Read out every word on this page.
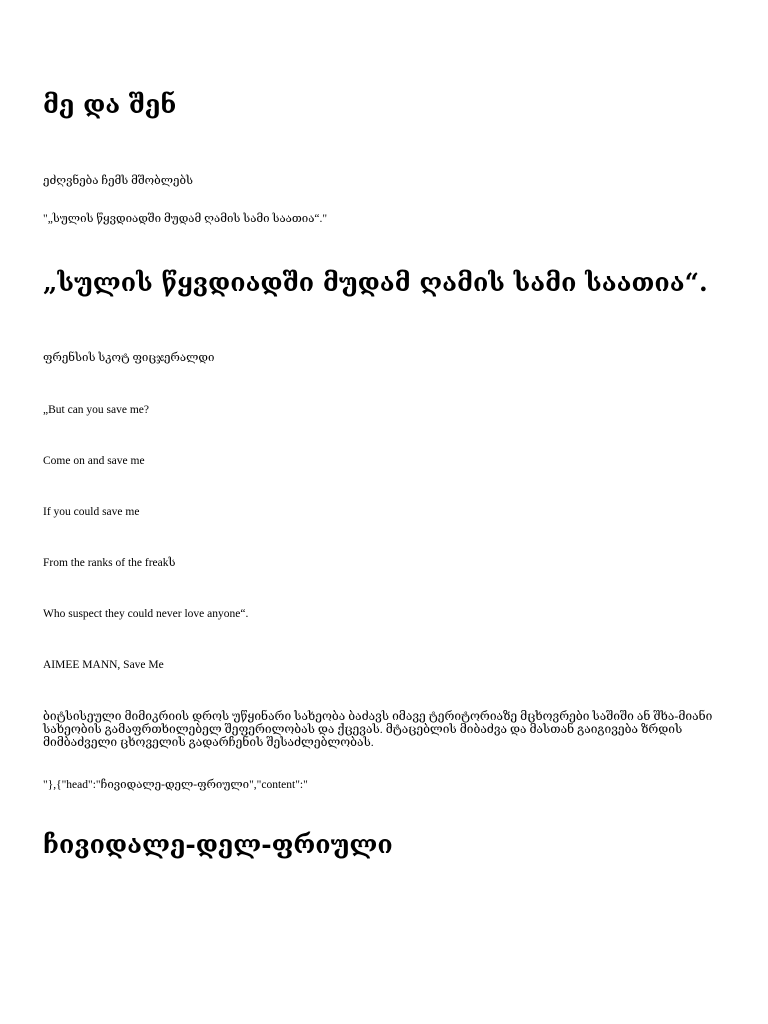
მე და შენ

ეძღვნება ჩემს მშობლებს

"„სულის წყვდიადში მუდამ ღამის სამი საათია“."

„სულის წყვდიადში მუდამ ღამის სამი საათია“.

ფრენსის სკოტ ფიცჯერალდი

„But can you save me?

Come on and save me

If you could save me

From the ranks of the freakს

Who suspect they could never love anyone“.

AIMEE MANN, Save Me

ბიტსისეული მიმიკრიის დროს უწყინარი სახეობა ბაძავს იმავე ტერიტორიაზე მცხოვრები საშიში ან შხა-მიანი სახეობის გამაფრთხილებელ შეფერილობას და ქცევას. მტაცებლის მიბაძვა და მასთან გაიგივება ზრდის მიმბაძველი ცხოველის გადარჩენის შესაძლებლობას.

"},{"head":"ჩივიდალე-დელ-ფრიული","content":"

ჩივიდალე-დელ-ფრიული
